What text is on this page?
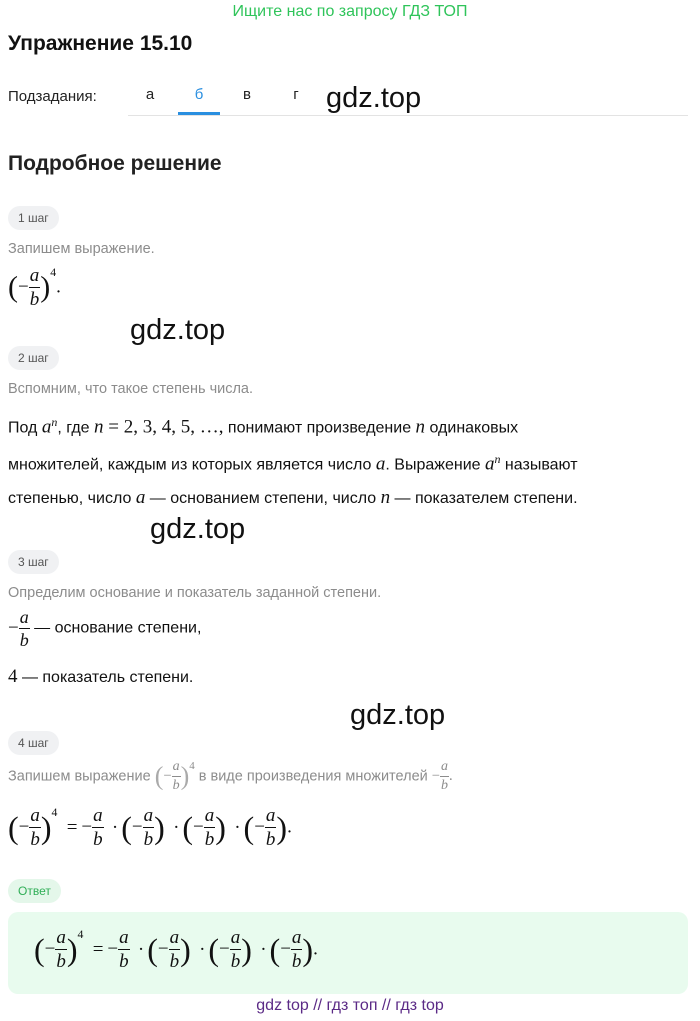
Ищите нас по запросу ГДЗ ТОП
Упражнение 15.10
Подзадания:	а	б	в	г gdz.top
Подробное решение
1 шаг
Запишем выражение.
(− $\frac{a}{b} )^4$.
gdz.top
2 шаг
Вспомним, что такое степень числа.
Под $a^n$, где n = 2, 3, 4, 5, …, понимают произведение n одинаковых
множителей, каждым из которых является число a. Выражение $a^n$ называют
степенью, число a — основанием степени, число n — показателем степени.
gdz.top
3 шаг
Определим основание и показатель заданной степени.
− $\frac{a}{b}$ — основание степени,
4 — показатель степени.
gdz.top
4 шаг
Запишем выражение (− $\frac{a}{b} )^4$ в виде произведения множителей − $\frac{a}{b}$ .
(− $\frac{a}{b} )^4$ = − $\frac{a}{b}$ ·(− $\frac{a}{b}$ ) ·(− $\frac{a}{b}$ ) ·(− $\frac{a}{b}$ ).
Ответ
(− $\frac{a}{b} )^4$ = − $\frac{a}{b}$ ·(− $\frac{a}{b}$ ) ·(− $\frac{a}{b}$ ) ·(− $\frac{a}{b}$ ).
gdz top // гдз топ // гдз top
